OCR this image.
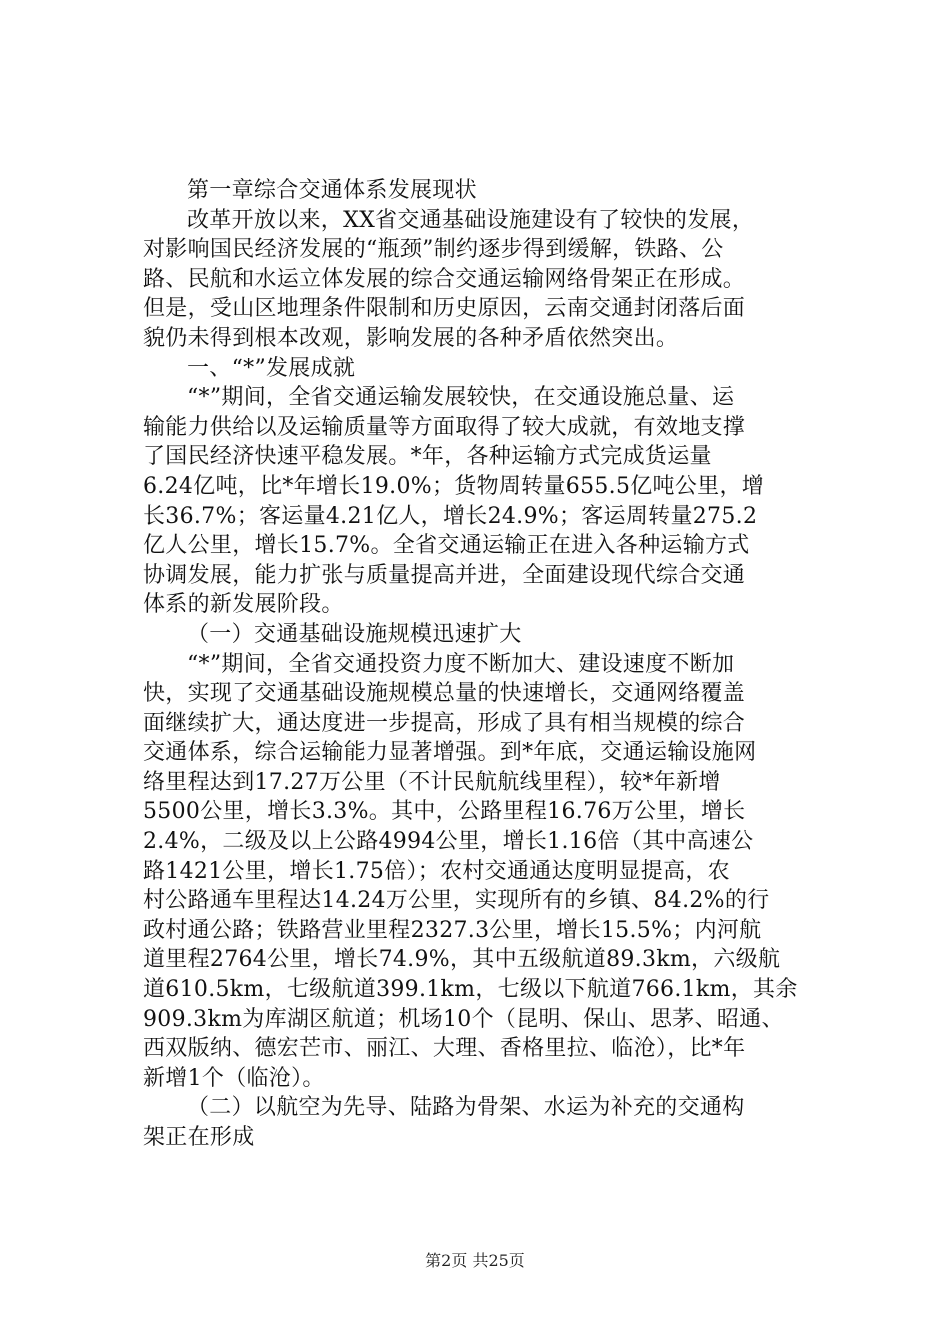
第一章综合交通体系发展现状
改革开放以来，XX省交通基础设施建设有了较快的发展，
对影响国民经济发展的“瓶颈”制约逐步得到缓解，铁路、公
路、民航和水运立体发展的综合交通运输网络骨架正在形成。
但是，受山区地理条件限制和历史原因，云南交通封闭落后面
貌仍未得到根本改观，影响发展的各种矛盾依然突出。
一、“*”发展成就
“*”期间，全省交通运输发展较快，在交通设施总量、运
输能力供给以及运输质量等方面取得了较大成就，有效地支撑
了国民经济快速平稳发展。*年，各种运输方式完成货运量
6.24亿吨，比*年增长19.0%；货物周转量655.5亿吨公里，增
长36.7%；客运量4.21亿人，增长24.9%；客运周转量275.2
亿人公里，增长15.7%。全省交通运输正在进入各种运输方式
协调发展，能力扩张与质量提高并进，全面建设现代综合交通
体系的新发展阶段。
（一）交通基础设施规模迅速扩大
“*”期间，全省交通投资力度不断加大、建设速度不断加
快，实现了交通基础设施规模总量的快速增长，交通网络覆盖
面继续扩大，通达度进一步提高，形成了具有相当规模的综合
交通体系，综合运输能力显著增强。到*年底，交通运输设施网
络里程达到17.27万公里（不计民航航线里程），较*年新增
5500公里，增长3.3%。其中，公路里程16.76万公里，增长
2.4%，二级及以上公路4994公里，增长1.16倍（其中高速公
路1421公里，增长1.75倍）；农村交通通达度明显提高，农
村公路通车里程达14.24万公里，实现所有的乡镇、84.2%的行
政村通公路；铁路营业里程2327.3公里，增长15.5%；内河航
道里程2764公里，增长74.9%，其中五级航道89.3km，六级航
道610.5km，七级航道399.1km，七级以下航道766.1km，其余
909.3km为库湖区航道；机场10个（昆明、保山、思茅、昭通、
西双版纳、德宏芒市、丽江、大理、香格里拉、临沧），比*年
新增1个（临沧）。
（二）以航空为先导、陆路为骨架、水运为补充的交通构
架正在形成
第2页 共25页
